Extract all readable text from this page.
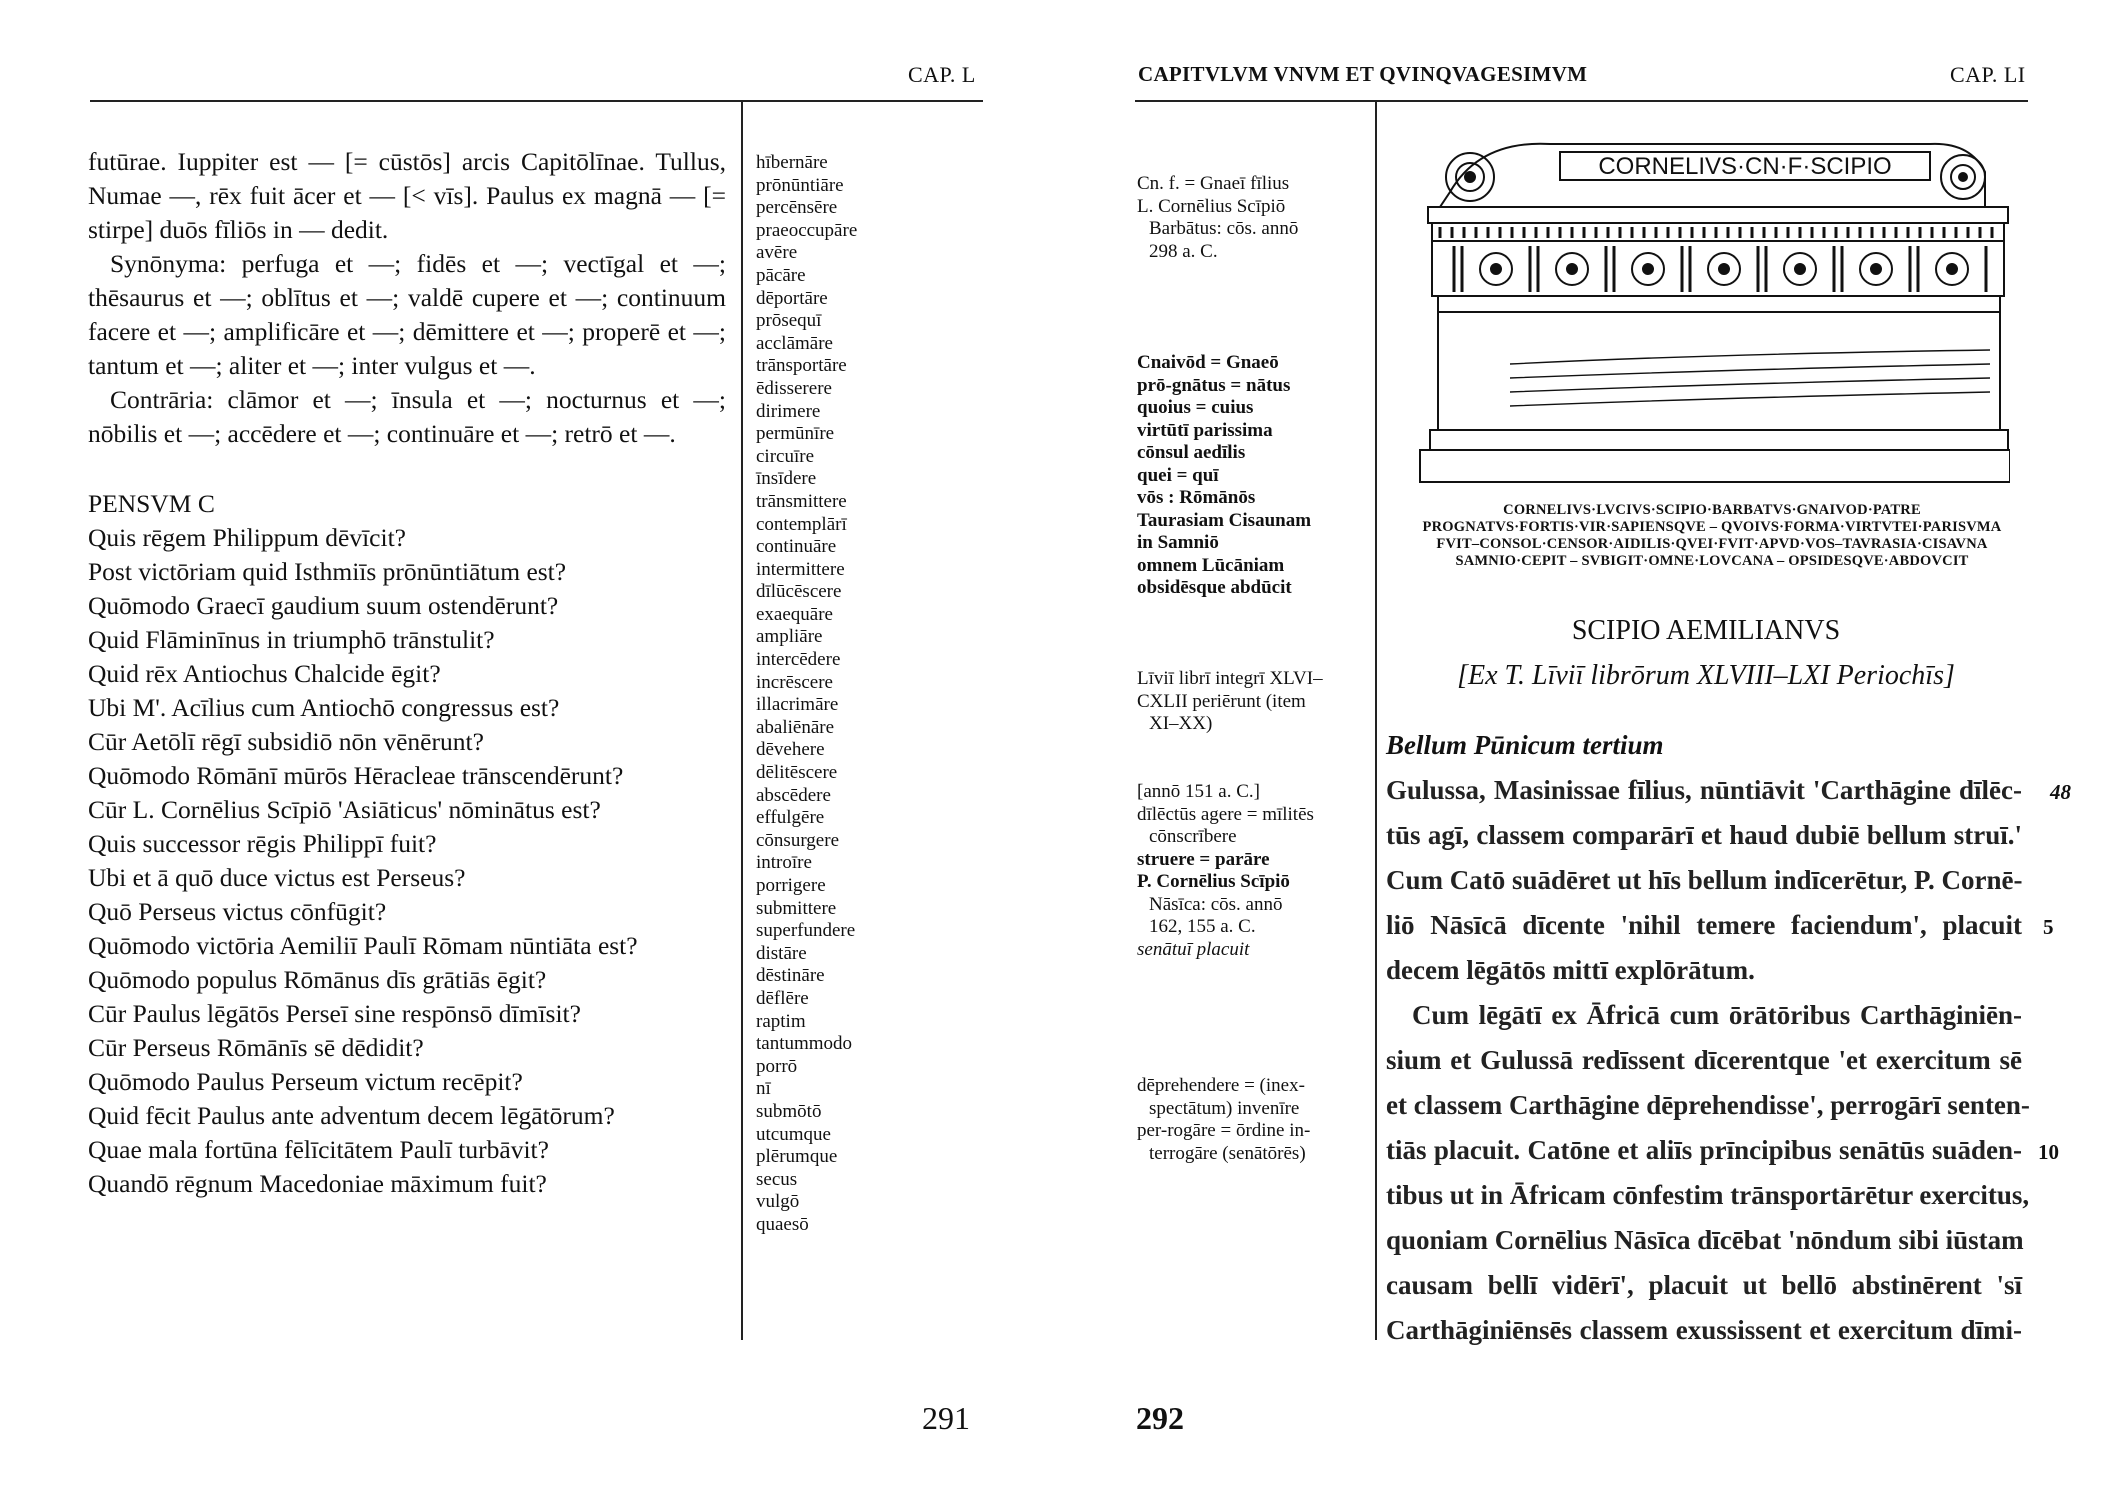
CAP. L

futūrae. Iuppiter est — [= cūstōs] arcis Capitōlīnae. Tullus, Numae —, rēx fuit ācer et — [< vīs]. Paulus ex magnā — [= stirpe] duōs fīliōs in — dedit.

Synōnyma: perfuga et —; fidēs et —; vectīgal et —; thēsaurus et —; oblītus et —; valdē cupere et —; continuum facere et —; amplificāre et —; dēmittere et —; properē et —; tantum et —; aliter et —; inter vulgus et —.

Contrāria: clāmor et —; īnsula et —; nocturnus et —; nōbilis et —; accēdere et —; continuāre et —; retrō et —.

PENSVM C

Quis rēgem Philippum dēvīcit?
Post victōriam quid Isthmiīs prōnūntiātum est?
Quōmodo Graecī gaudium suum ostendērunt?
Quid Flāminīnus in triumphō trānstulit?
Quid rēx Antiochus Chalcide ēgit?
Ubi M'. Acīlius cum Antiochō congressus est?
Cūr Aetōlī rēgī subsidiō nōn vēnērunt?
Quōmodo Rōmānī mūrōs Hēracleae trānscendērunt?
Cūr L. Cornēlius Scīpiō 'Asiāticus' nōminātus est?
Quis successor rēgis Philippī fuit?
Ubi et ā quō duce victus est Perseus?
Quō Perseus victus cōnfūgit?
Quōmodo victōria Aemiliī Paulī Rōmam nūntiāta est?
Quōmodo populus Rōmānus dīs grātiās ēgit?
Cūr Paulus lēgātōs Perseī sine respōnsō dīmīsit?
Cūr Perseus Rōmānīs sē dēdidit?
Quōmodo Paulus Perseum victum recēpit?
Quid fēcit Paulus ante adventum decem lēgātōrum?
Quae mala fortūna fēlīcitātem Paulī turbāvit?
Quandō rēgnum Macedoniae māximum fuit?
hībernāre
prōnūntiāre
percēnsēre
praeoccupāre
avēre
pācāre
dēportāre
prōsequī
acclāmāre
trānsportāre
ēdisserere
dirimere
permūnīre
circuīre
īnsīdere
trānsmittere
contemplārī
continuāre
intermittere
dīlūcēscere
exaequāre
ampliāre
intercēdere
incrēscere
illacrimāre
abaliēnāre
dēvehere
dēlitēscere
abscēdere
effulgēre
cōnsurgere
introīre
porrigere
submittere
superfundere
distāre
dēstināre
dēflēre
raptim
tantummodo
porrō
nī
submōtō
utcumque
plērumque
secus
vulgō
quaesō
291
CAPITVLVM VNVM ET QVINQVAGESIMVM	CAP. LI
Cn. f. = Gnaeī fīlius
L. Cornēlius Scīpiō
Barbātus: cōs. annō
298 a. C.
Cnaivōd = Gnaeō
prō-gnātus = nātus
quoius = cuius
virtūtī parissima
cōnsul aedīlis
quei = quī
vōs : Rōmānōs
Taurasiam Cisaunam
in Samniō
omnem Lūcāniam
obsidēsque abdūcit
Līviī librī integrī XLVI–
CXLII periērunt (item
XI–XX)
[annō 151 a. C.]
dīlēctūs agere = mīlitēs
cōnscrībere
struere = parāre
P. Cornēlius Scīpiō
Nāsīca: cōs. annō
162, 155 a. C.
senātuī placuit
dēprehendere = (inex-
spectātum) invenīre
per-rogāre = ōrdine in-
terrogāre (senātōrēs)
CORNELIVS·CN·F·SCIPIO
CORNELIVS·LVCIVS·SCIPIO·BARBATVS·GNAIVOD·PATRE
PROGNATVS·FORTIS·VIR·SAPIENSQVE – QVOIVS·FORMA·VIRTVTEI·PARISVMA
FVIT–CONSOL·CENSOR·AIDILIS·QVEI·FVIT·APVD·VOS–TAVRASIA·CISAVNA
SAMNIO·CEPIT – SVBIGIT·OMNE·LOVCANA – OPSIDESQVE·ABDOVCIT
SCIPIO AEMILIANVS
[Ex T. Līviī librōrum XLVIII–LXI Periochīs]
Bellum Pūnicum tertium
Gulussa, Masinissae fīlius, nūntiāvit 'Carthāgine dīlēc-
tūs agī, classem comparārī et haud dubiē bellum struī.'
Cum Catō suādēret ut hīs bellum indīcerētur, P. Cornē-
liō Nāsīcā dīcente 'nihil temere faciendum', placuit
decem lēgātōs mittī explōrātum.
Cum lēgātī ex Āfricā cum ōrātōribus Carthāginiēn-
sium et Gulussā redīssent dīcerentque 'et exercitum sē
et classem Carthāgine dēprehendisse', perrogārī senten-
tiās placuit. Catōne et aliīs prīncipibus senātūs suāden-
tibus ut in Āfricam cōnfestim trānsportārētur exercitus,
quoniam Cornēlius Nāsīca dīcēbat 'nōndum sibi iūstam
causam bellī vidērī', placuit ut bellō abstinērent 'sī
Carthāginiēnsēs classem exussissent et exercitum dīmi-
48
5
10
292
